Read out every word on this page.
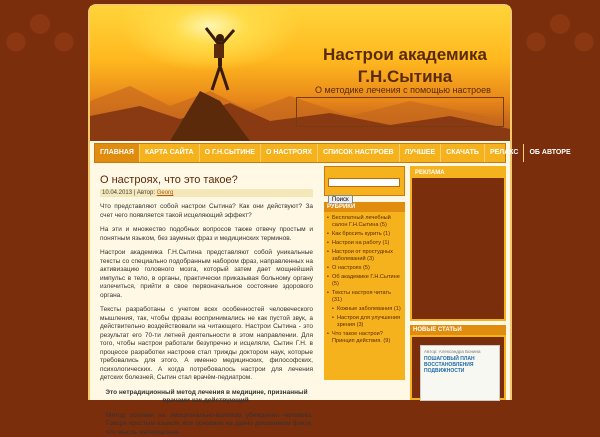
Настрои академика
Г.Н.Сытина
О методике лечения с помощью настроев
ГЛАВНАЯ	КАРТА САЙТА	О Г.Н.СЫТИНЕ	О НАСТРОЯХ	СПИСОК НАСТРОЕВ	ЛУЧШЕЕ	СКАЧАТЬ	РЕЛАКС	ОБ АВТОРЕ
О настроях, что это такое?
10.04.2013 | Автор: Georg

Что представляют собой настрои Сытина? Как они действуют? За счет чего появляется такой исцеляющий эффект?

На эти и множество подобных вопросов также отвечу простым и понятным языком, без заумных фраз и медицинских терминов.

Настрои академика Г.Н.Сытина представляют собой уникальные тексты со специально подобранным набором фраз, направленных на активизацию головного мозга, который затем дает мощнейший импульс в тело, в органы, практически приказывая больному органу излечиться, прийти в свое первоначальное состояние здорового органа.

Тексты разработаны с учетом всех особенностей человеческого мышления, так, чтобы фразы воспринимались не как пустой звук, а действительно воздействовали на читающего. Настрои Сытина - это результат его 70-ти летней деятельности в этом направлении. Для того, чтобы настрои работали безупречно и исцеляли, Сытин Г.Н. в процессе разработки настроев стал трижды доктором наук, которые требовались для этого. А именно медицинских, философских, психологических. А когда потребовалось настрои для лечения детских болезней, Сытин стал врачём-педиатром.

Это нетрадиционный метод лечения в медицине, признанный врачами как действующий.

Метод основан на эмоционально-волевом убеждении человека. Говоря простым языком, все основано на давно доказанном факте, что мысль материальна.

Поиск
РУБРИКИ
▪ Бесплатный лечебный салон Г.Н.Сытина (5)
▪ Как бросить курить (1)
▪ Настрои на работу (1)
▪ Настрои от простудных заболеваний (3)
▪ О настроях (5)
▪ Об академике Г.Н.Сытине (5)
▪ Тексты настроя читать (31)
▪ Кожные заболевания (1)
▪ Настрои для улучшения зрения (3)
▪ Что такое настрои? Принцип действия. (9)
РЕКЛАМА
НОВЫЕ СТАТЬИ
Автор: Александра Бонина
ПОШАГОВЫЙ ПЛАН
ВОССТАНОВЛЕНИЯ ПОДВИЖНОСТИ
